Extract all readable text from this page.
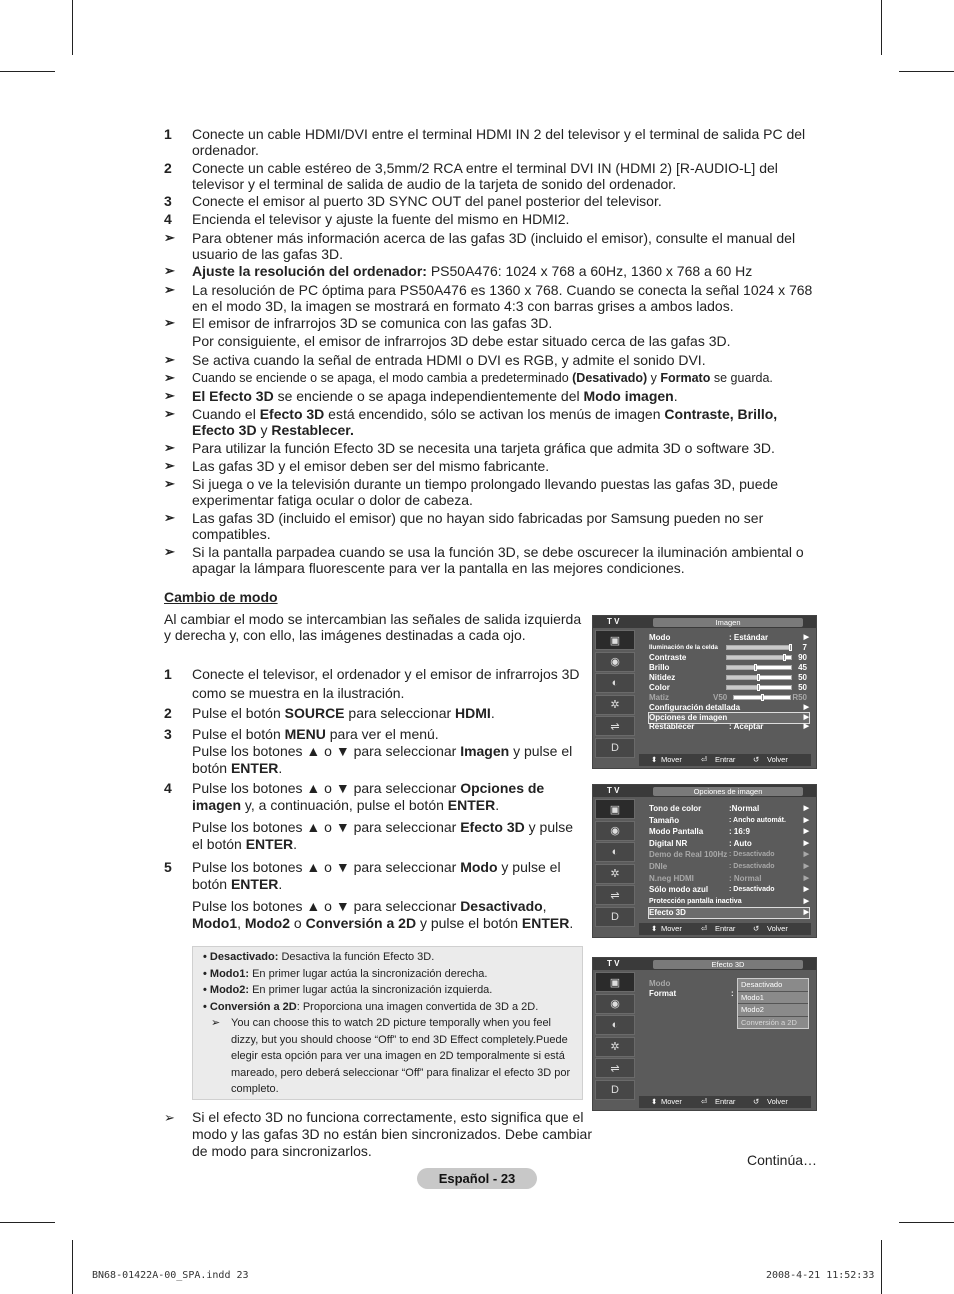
1 Conecte un cable HDMI/DVI entre el terminal HDMI IN 2 del televisor y el terminal de salida PC del ordenador.
2 Conecte un cable estéreo de 3,5mm/2 RCA entre el terminal DVI IN (HDMI 2) [R-AUDIO-L] del televisor y el terminal de salida de audio de la tarjeta de sonido del ordenador.
3 Conecte el emisor al puerto 3D SYNC OUT del panel posterior del televisor.
4 Encienda el televisor y ajuste la fuente del mismo en HDMI2.
➢ Para obtener más información acerca de las gafas 3D (incluido el emisor), consulte el manual del usuario de las gafas 3D.
➢ Ajuste la resolución del ordenador: PS50A476: 1024 x 768 a 60Hz, 1360 x 768 a 60 Hz
➢ La resolución de PC óptima para PS50A476 es 1360 x 768. Cuando se conecta la señal 1024 x 768 en el modo 3D, la imagen se mostrará en formato 4:3 con barras grises a ambos lados.
➢ El emisor de infrarrojos 3D se comunica con las gafas 3D.
Por consiguiente, el emisor de infrarrojos 3D debe estar situado cerca de las gafas 3D.
➢ Se activa cuando la señal de entrada HDMI o DVI es RGB, y admite el sonido DVI.
➢ Cuando se enciende o se apaga, el modo cambia a predeterminado (Desativado) y Formato se guarda.
➢ El Efecto 3D se enciende o se apaga independientemente del Modo imagen.
➢ Cuando el Efecto 3D está encendido, sólo se activan los menús de imagen Contraste, Brillo, Efecto 3D y Restablecer.
➢ Para utilizar la función Efecto 3D se necesita una tarjeta gráfica que admita 3D o software 3D.
➢ Las gafas 3D y el emisor deben ser del mismo fabricante.
➢ Si juega o ve la televisión durante un tiempo prolongado llevando puestas las gafas 3D, puede experimentar fatiga ocular o dolor de cabeza.
➢ Las gafas 3D (incluido el emisor) que no hayan sido fabricadas por Samsung pueden no ser compatibles.
➢ Si la pantalla parpadea cuando se usa la función 3D, se debe oscurecer la iluminación ambiental o apagar la lámpara fluorescente para ver la pantalla en las mejores condiciones.
Cambio de modo
Al cambiar el modo se intercambian las señales de salida izquierda y derecha y, con ello, las imágenes destinadas a cada ojo.
1 Conecte el televisor, el ordenador y el emisor de infrarrojos 3D como se muestra en la ilustración.
2 Pulse el botón SOURCE para seleccionar HDMI.
3 Pulse el botón MENU para ver el menú.

Pulse los botones ▲ o ▼ para seleccionar Imagen y pulse el botón ENTER.

4 Pulse los botones ▲ o ▼ para seleccionar Opciones de imagen y, a continuación, pulse el botón ENTER.

Pulse los botones ▲ o ▼ para seleccionar Efecto 3D y pulse el botón ENTER.

5 Pulse los botones ▲ o ▼ para seleccionar Modo y pulse el botón ENTER.

Pulse los botones ▲ o ▼ para seleccionar Desactivado, Modo1, Modo2 o Conversión a 2D y pulse el botón ENTER.

• Desactivado: Desactiva la función Efecto 3D.

• Modo1: En primer lugar actúa la sincronización derecha.

• Modo2: En primer lugar actúa la sincronización izquierda.

• Conversión a 2D: Proporciona una imagen convertida de 3D a 2D.

➢ You can choose this to watch 2D picture temporally when you feel dizzy, but you should choose “Off” to end 3D Effect completely.Puede elegir esta opción para ver una imagen en 2D temporalmente si está mareado, pero deberá seleccionar “Off” para finalizar el efecto 3D por completo.
➢ Si el efecto 3D no funciona correctamente, esto significa que el modo y las gafas 3D no están bien sincronizados. Debe cambiar de modo para sincronizarlos.
Continúa…
Español - 23
BN68-01422A-00_SPA.indd 23	2008-4-21 11:52:33
T V	Imagen
▣
◉
◐
✲
⇌
D
Modo	: Estándar	▶
Iluminación de la celda	7
Contraste	90
Brillo	45
Nitidez	50
Color	50
Matiz	V50	R50
Configuración detallada	▶
Opciones de imagen	▶
Restablecer	: Aceptar	▶
⬍ Mover	⏎ Entrar ↺ Volver
T V	Opciones de imagen
▣
◉
◐
✲
⇌
D
Tono de color	:Normal	▶
Tamaño	: Ancho automát.	▶
Modo Pantalla	: 16:9	▶
Digital NR	: Auto	▶
Demo de Real 100Hz : Desactivado	▶
DNIe	: Desactivado	▶
N.neg HDMI	: Normal	▶
Sólo modo azul	: Desactivado	▶
Protección pantalla inactiva	▶
Efecto 3D	▶
⬍ Mover	⏎ Entrar ↺ Volver
T V	Efecto 3D
▣
◉
◐
✲
⇌
D
Modo
Format	:
Desactivado
Modo1
Modo2
Conversión a 2D
⬍ Mover	⏎ Entrar ↺ Volver
